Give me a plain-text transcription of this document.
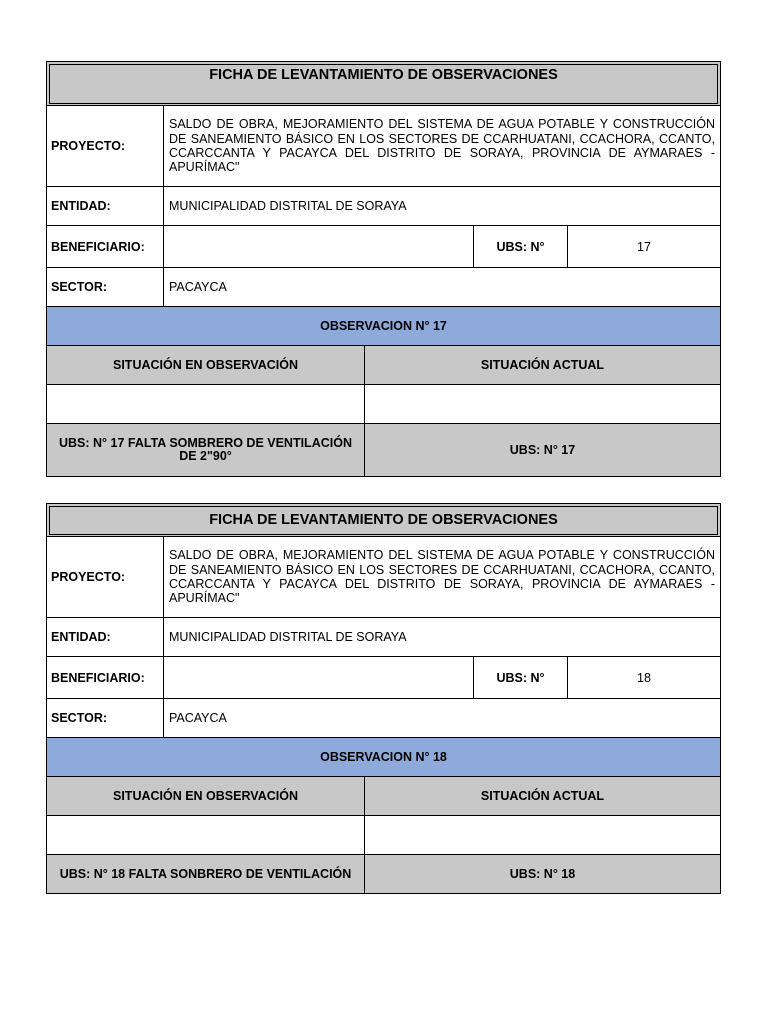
FICHA DE LEVANTAMIENTO DE OBSERVACIONES
PROYECTO:
SALDO DE OBRA, MEJORAMIENTO DEL SISTEMA DE AGUA POTABLE Y CONSTRUCCIÓN DE SANEAMIENTO BÁSICO EN LOS SECTORES DE CCARHUATANI, CCACHORA, CCANTO, CCARCCANTA Y PACAYCA DEL DISTRITO DE SORAYA, PROVINCIA DE AYMARAES - APURÍMAC"
ENTIDAD:	MUNICIPALIDAD DISTRITAL DE SORAYA
BENEFICIARIO:	UBS: N°	17
SECTOR:	PACAYCA
OBSERVACION N° 17
SITUACIÓN EN OBSERVACIÓN	SITUACIÓN ACTUAL
UBS: N° 17 FALTA SOMBRERO DE VENTILACIÓN DE 2"90°	UBS: N° 17
FICHA DE LEVANTAMIENTO DE OBSERVACIONES
PROYECTO:
SALDO DE OBRA, MEJORAMIENTO DEL SISTEMA DE AGUA POTABLE Y CONSTRUCCIÓN DE SANEAMIENTO BÁSICO EN LOS SECTORES DE CCARHUATANI, CCACHORA, CCANTO, CCARCCANTA Y PACAYCA DEL DISTRITO DE SORAYA, PROVINCIA DE AYMARAES - APURÍMAC"
ENTIDAD:	MUNICIPALIDAD DISTRITAL DE SORAYA
BENEFICIARIO:	UBS: N°	18
SECTOR:	PACAYCA
OBSERVACION N° 18
SITUACIÓN EN OBSERVACIÓN	SITUACIÓN ACTUAL
UBS: N° 18 FALTA SONBRERO DE VENTILACIÓN	UBS: N° 18
